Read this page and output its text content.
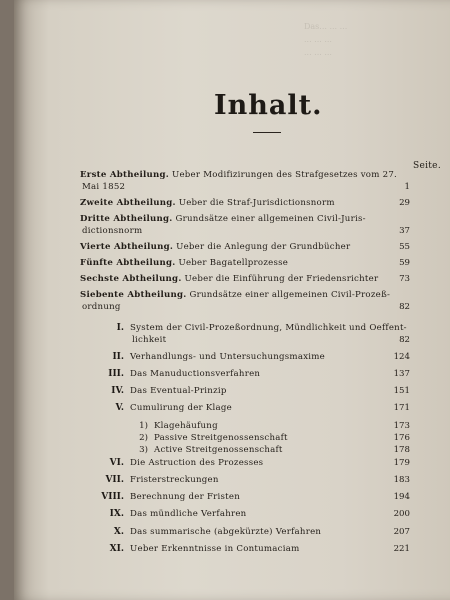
Das... ... ...
... ... ...
... ... ...
Inhalt.
Seite.
Erste Abtheilung. Ueber Modifizirungen des Strafgesetzes vom 27.
Mai 1852	1
Zweite Abtheilung. Ueber die Straf-Jurisdictionsnorm	29
Dritte Abtheilung. Grundsätze einer allgemeinen Civil-Juris-
dictionsnorm	37
Vierte Abtheilung. Ueber die Anlegung der Grundbücher	55
Fünfte Abtheilung. Ueber Bagatellprozesse	59
Sechste Abtheilung. Ueber die Einführung der Friedensrichter	73
Siebente Abtheilung. Grundsätze einer allgemeinen Civil-Prozeß-
ordnung	82
I. System der Civil-Prozeßordnung, Mündlichkeit und Oeffent-
lichkeit	82
II. Verhandlungs- und Untersuchungsmaxime	124
III. Das Manuductionsverfahren	137
IV. Das Eventual-Prinzip	151
V. Cumulirung der Klage	171
1) Klagehäufung	173
2) Passive Streitgenossenschaft	176
3) Active Streitgenossenschaft	178
VI. Die Astruction des Prozesses	179
VII. Fristerstreckungen	183
VIII. Berechnung der Fristen	194
IX. Das mündliche Verfahren	200
X. Das summarische (abgekürzte) Verfahren	207
XI. Ueber Erkenntnisse in Contumaciam	221
